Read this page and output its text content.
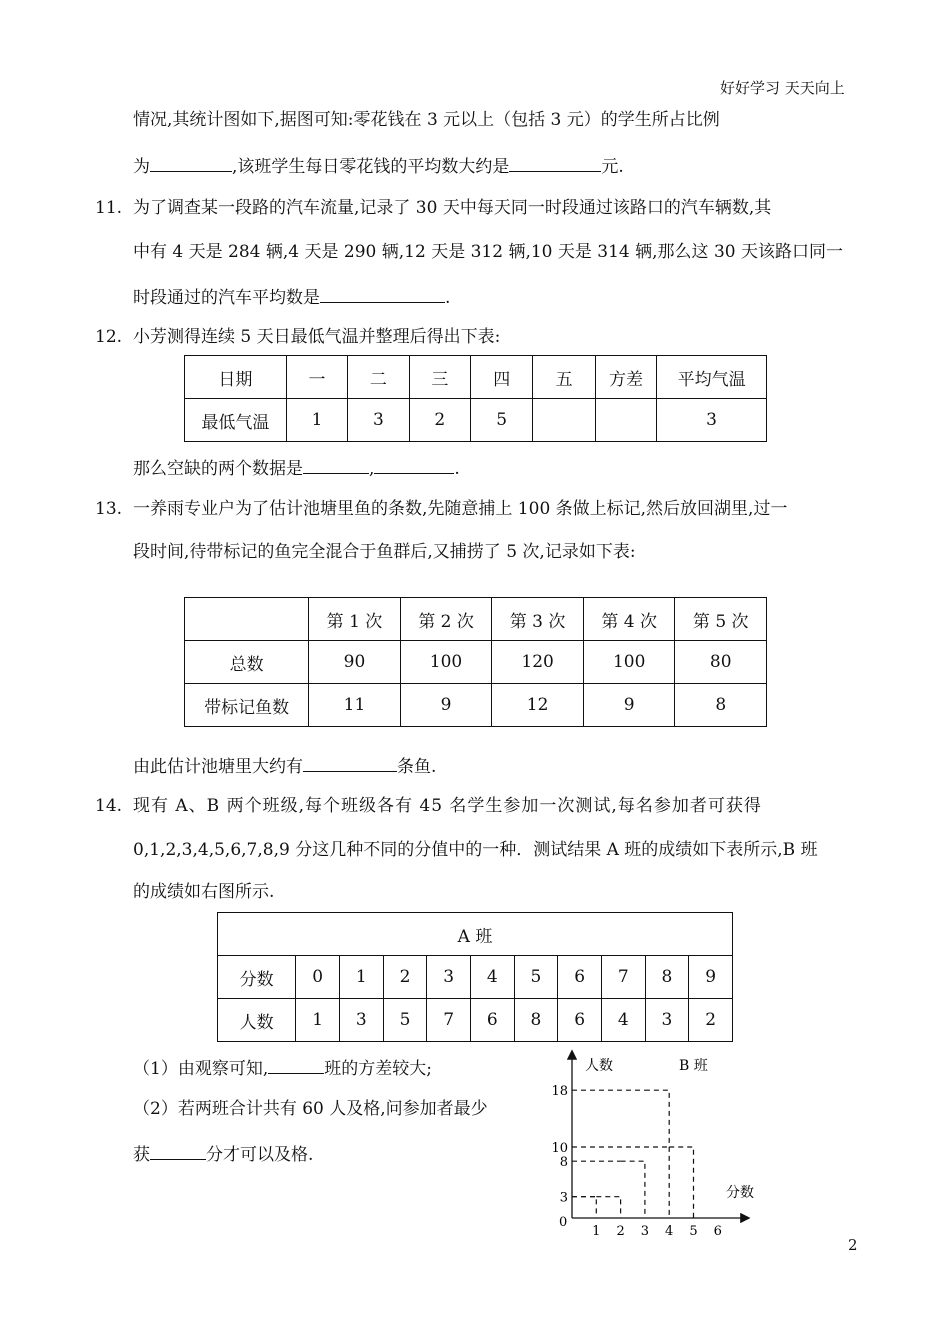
好好学习 天天向上
情况,其统计图如下,据图可知:零花钱在 3 元以上（包括 3 元）的学生所占比例
为	,该班学生每日零花钱的平均数大约是	元.
11. 为了调查某一段路的汽车流量,记录了 30 天中每天同一时段通过该路口的汽车辆数,其
中有 4 天是 284 辆,4 天是 290 辆,12 天是 312 辆,10 天是 314 辆,那么这 30 天该路口同一
时段通过的汽车平均数是	.
12. 小芳测得连续 5 天日最低气温并整理后得出下表:
日期	一	二	三	四	五	方差	平均气温
最低气温	1	3	2	5			3
那么空缺的两个数据是	,	.
13. 一养雨专业户为了估计池塘里鱼的条数,先随意捕上 100 条做上标记,然后放回湖里,过一
段时间,待带标记的鱼完全混合于鱼群后,又捕捞了 5 次,记录如下表:
	第 1 次	第 2 次	第 3 次	第 4 次	第 5 次
总数	90	100	120	100	80
带标记鱼数	11	9	12	9	8
由此估计池塘里大约有	条鱼.
14. 现有 A、B 两个班级,每个班级各有 45 名学生参加一次测试,每名参加者可获得
0,1,2,3,4,5,6,7,8,9 分这几种不同的分值中的一种．测试结果 A 班的成绩如下表所示,B 班
的成绩如右图所示.
A 班										
分数	0	1	2	3	4	5	6	7	8	9
人数	1	3	5	7	6	8	6	4	3	2
（1）由观察可知,	班的方差较大;
（2）若两班合计共有 60 人及格,问参加者最少
获	分才可以及格.
3
8
10
18
1 2 3 4 5 6
人数	B 班
分数
0
2
